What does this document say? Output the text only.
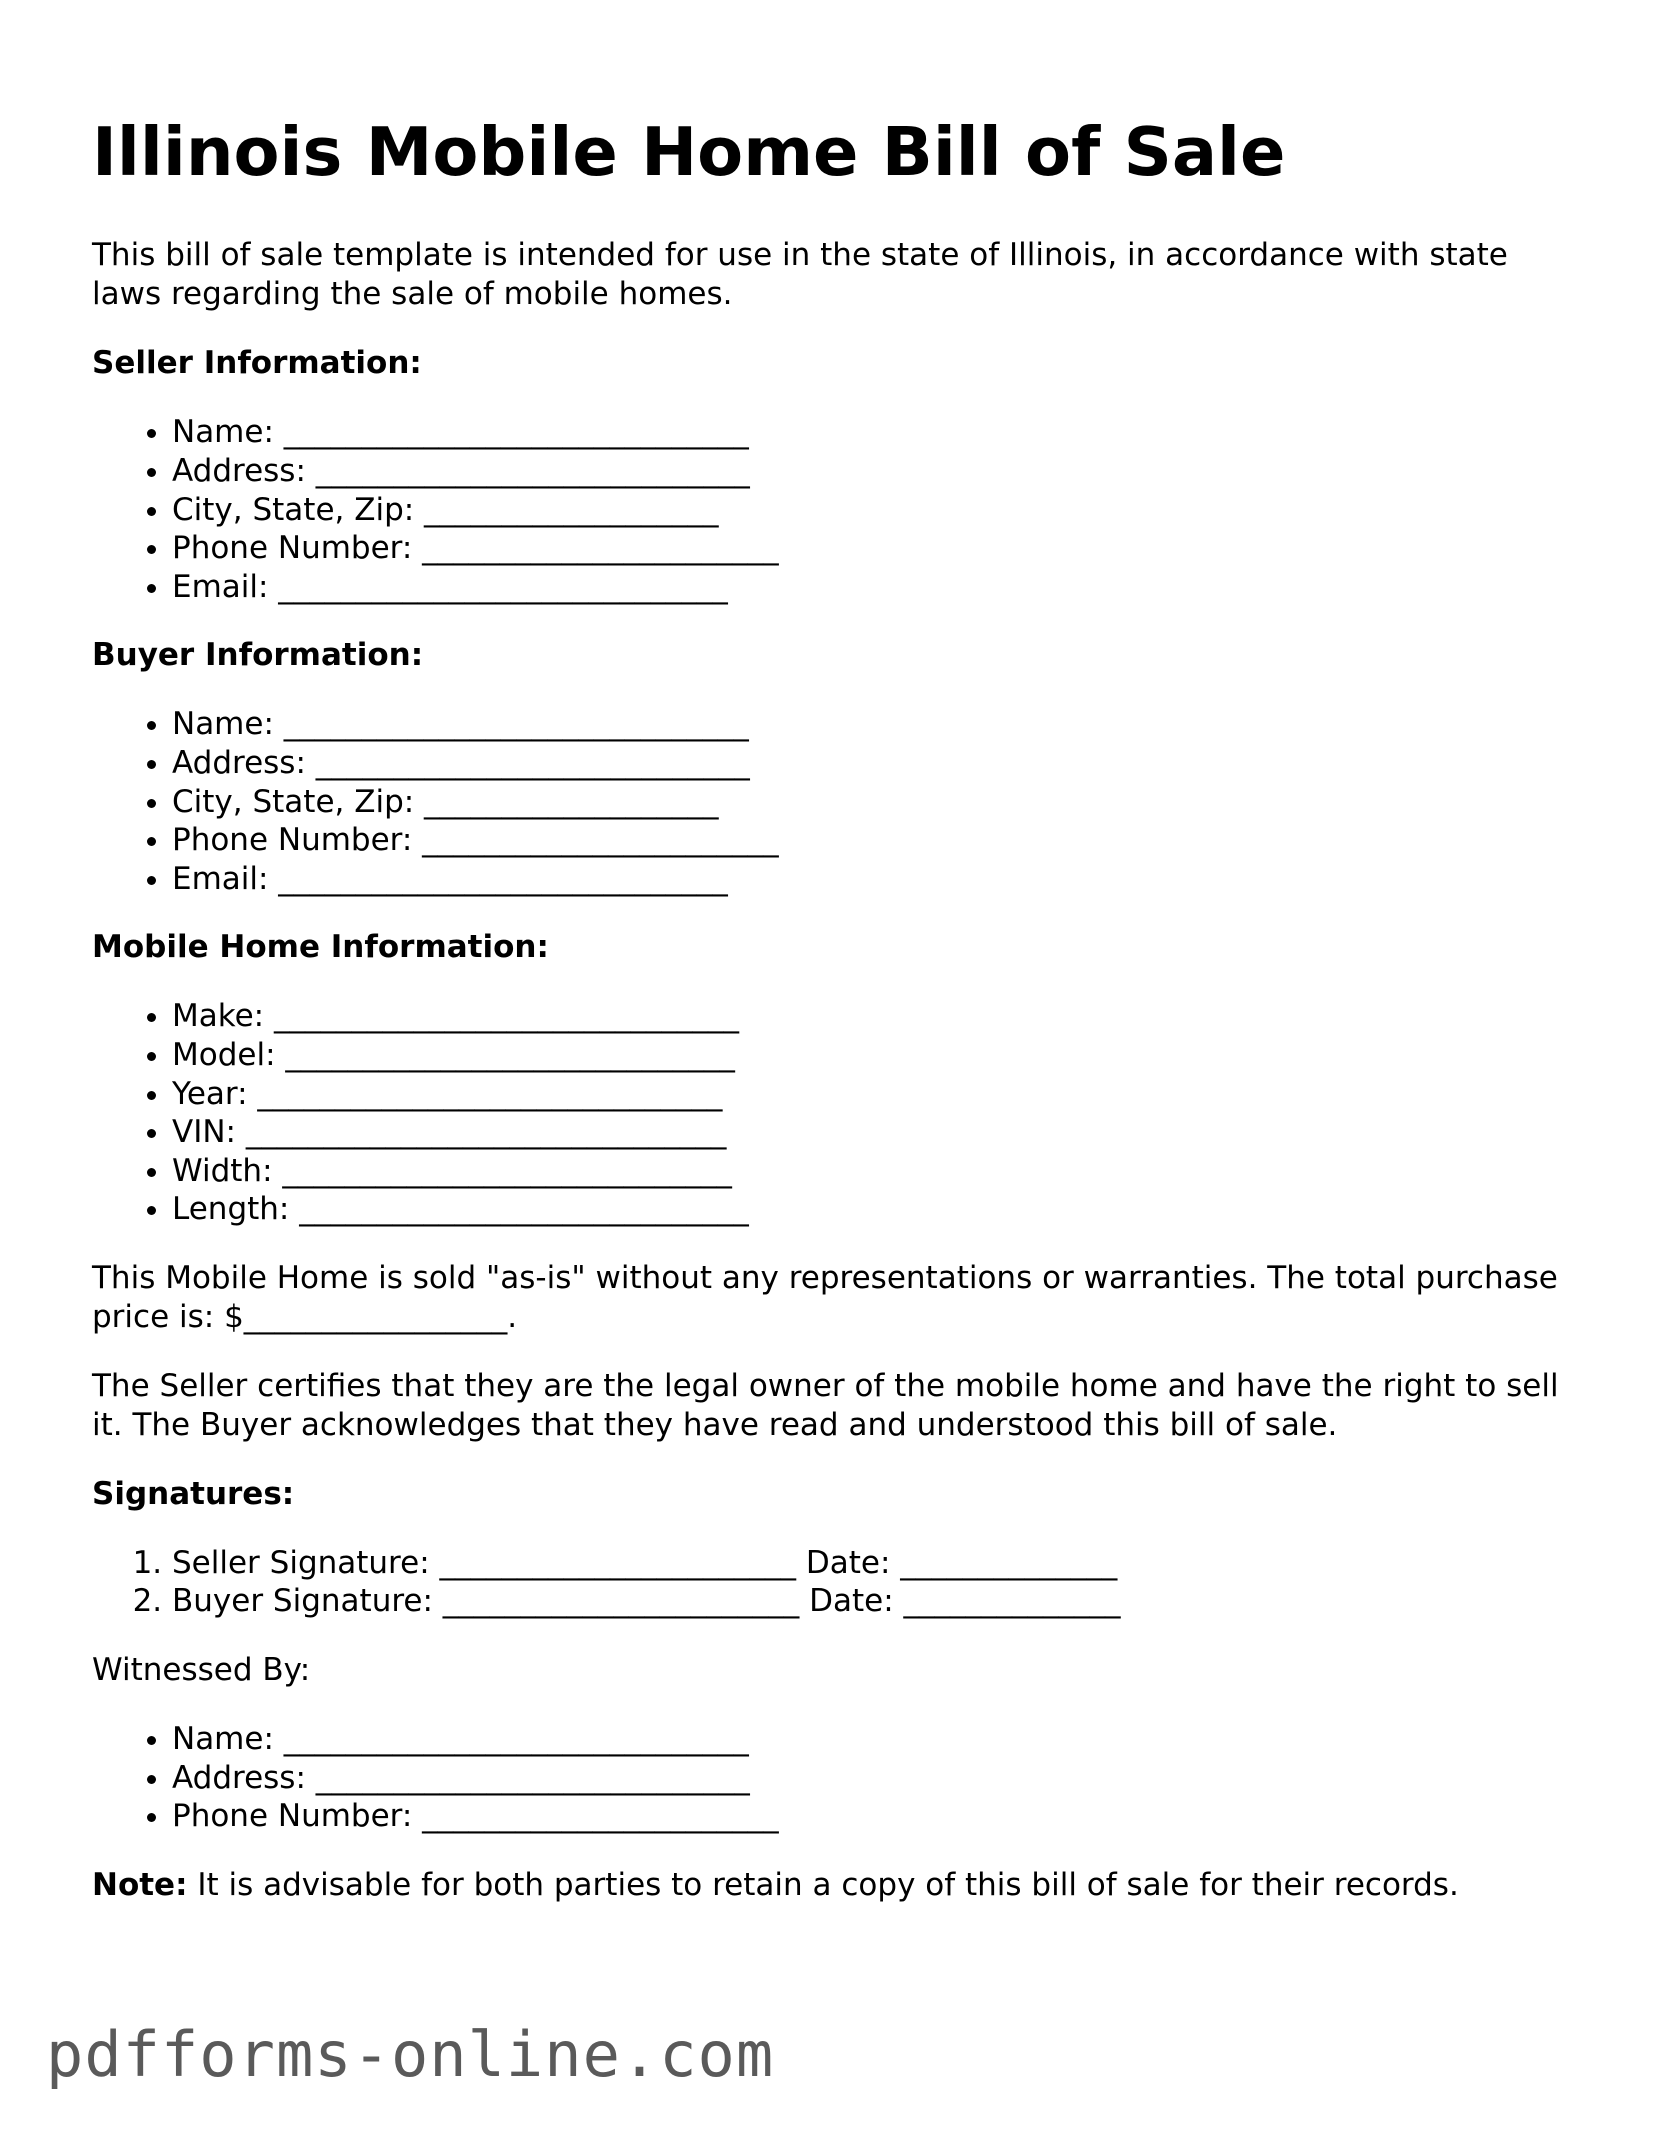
Illinois Mobile Home Bill of Sale

This bill of sale template is intended for use in the state of Illinois, in accordance with state laws regarding the sale of mobile homes.

Seller Information:
• Name: ______________________________
• Address: ____________________________
• City, State, Zip: ___________________
• Phone Number: _______________________
• Email: _____________________________
Buyer Information:
• Name: ______________________________
• Address: ____________________________
• City, State, Zip: ___________________
• Phone Number: _______________________
• Email: _____________________________
Mobile Home Information:
• Make: ______________________________
• Model: _____________________________
• Year: ______________________________
• VIN: _______________________________
• Width: _____________________________
• Length: _____________________________

This Mobile Home is sold "as-is" without any representations or warranties. The total purchase price is: $_________________.

The Seller certifies that they are the legal owner of the mobile home and have the right to sell it. The Buyer acknowledges that they have read and understood this bill of sale.

Signatures:
1. Seller Signature: _______________________ Date: ______________
2. Buyer Signature: _______________________ Date: ______________

Witnessed By:

• Name: ______________________________
• Address: ____________________________
• Phone Number: _______________________

Note: It is advisable for both parties to retain a copy of this bill of sale for their records.

pdfforms-online.com
